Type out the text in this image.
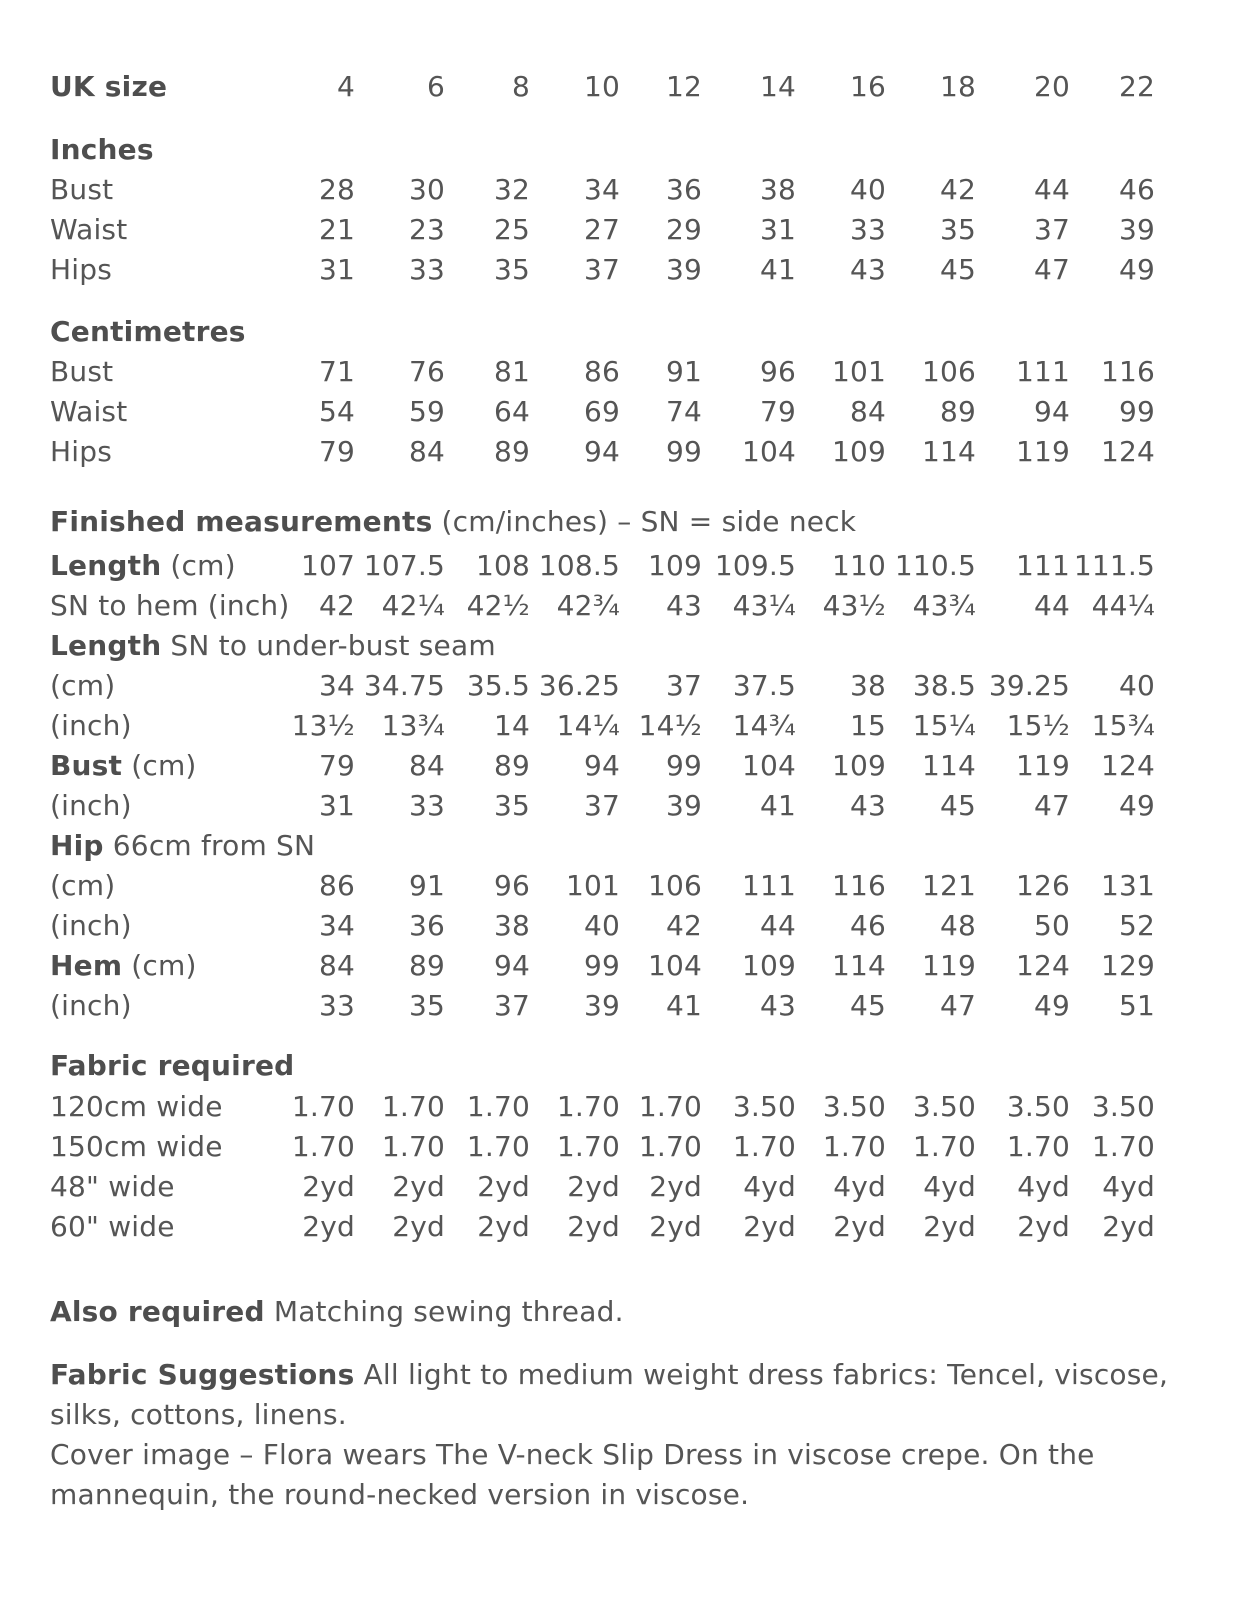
UK size	4	6 8 10 12 14 16 18 20 22
Inches
Bust	28 30 32 34 36 38 40 42 44 46
Waist	21 23 25 27 29 31 33 35 37 39
Hips	31 33 35 37 39 41 43 45 47 49
Centimetres
Bust	71 76 81 86 91 96 101 106 111 116
Waist	54 59 64 69 74 79 84 89 94 99
Hips	79 84 89 94 99 104 109 114 119 124
Finished measurements (cm/inches) – SN = side neck
Length (cm) 107 107.5 108 108.5 109 109.5 110 110.5 111 111.5
SN to hem (inch) 42 42¼ 42½ 42¾ 43 43¼ 43½ 43¾ 44 44¼
Length SN to under-bust seam
(cm)	34 34.75 35.5 36.25 37 37.5 38 38.5 39.25 40
(inch)	13½ 13¾ 14 14¼ 14½ 14¾ 15 15¼ 15½ 15¾
Bust (cm)	79 84 89 94 99 104 109 114 119 124
(inch)	31 33 35 37 39 41 43 45 47 49
Hip 66cm from SN
(cm)	86 91 96 101 106 111 116 121 126 131
(inch)	34 36 38 40 42 44 46 48 50 52
Hem (cm)	84 89 94 99 104 109 114 119 124 129
(inch)	33 35 37 39 41 43 45 47 49 51
Fabric required
120cm wide 1.70 1.70 1.70 1.70 1.70 3.50 3.50 3.50 3.50 3.50
150cm wide 1.70 1.70 1.70 1.70 1.70 1.70 1.70 1.70 1.70 1.70
48" wide	2yd 2yd 2yd 2yd 2yd 4yd 4yd 4yd 4yd 4yd
60" wide	2yd 2yd 2yd 2yd 2yd 2yd 2yd 2yd 2yd 2yd
Also required Matching sewing thread.
Fabric Suggestions All light to medium weight dress fabrics: Tencel, viscose, silks, cottons, linens.
Cover image – Flora wears The V-neck Slip Dress in viscose crepe. On the mannequin, the round-necked version in viscose.
